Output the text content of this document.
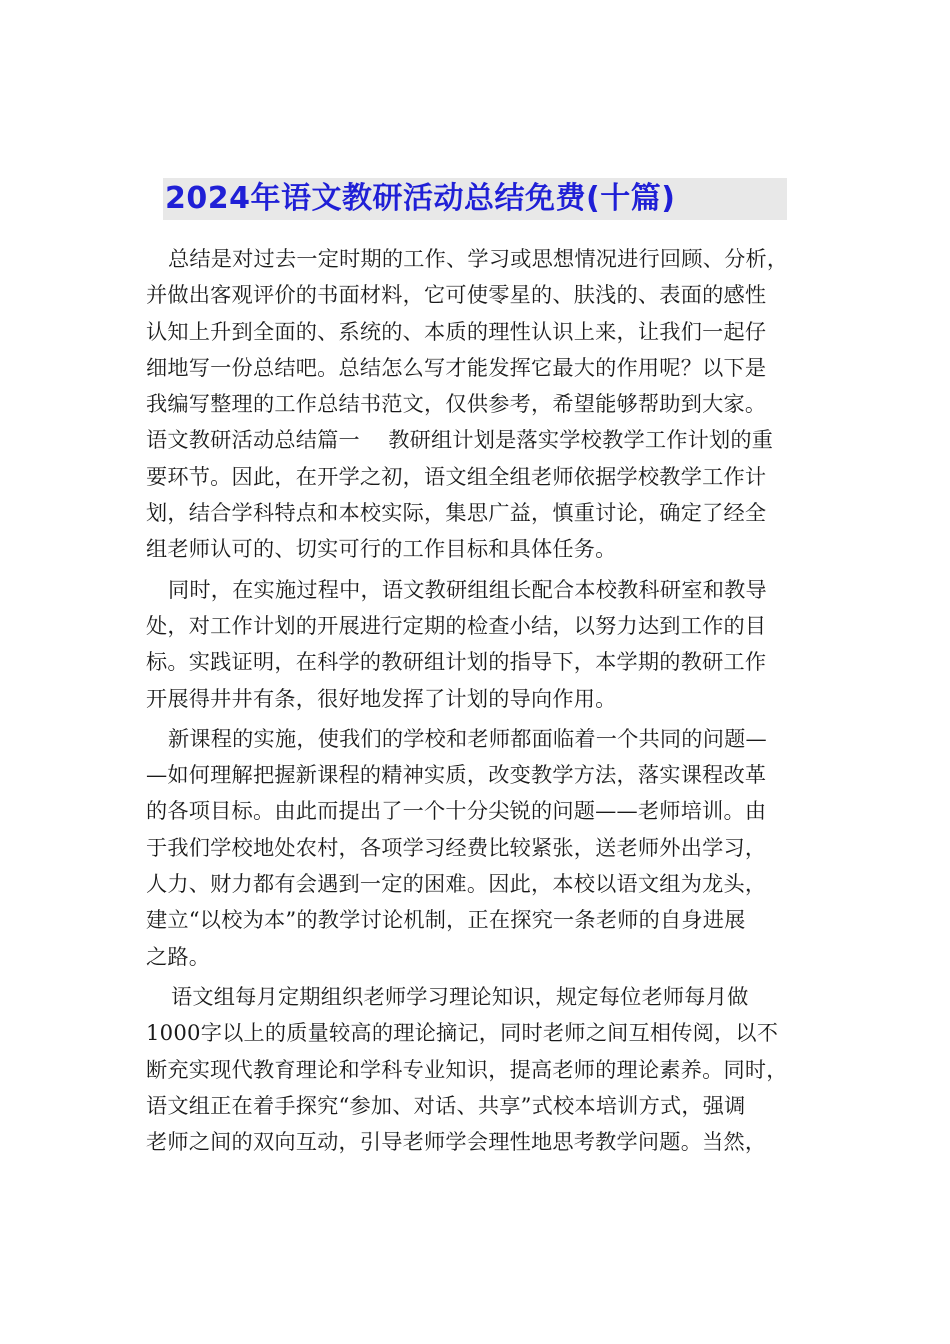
2024年语文教研活动总结免费(十篇)
总结是对过去一定时期的工作、学习或思想情况进行回顾、分析，
并做出客观评价的书面材料，它可使零星的、肤浅的、表面的感性
认知上升到全面的、系统的、本质的理性认识上来，让我们一起仔
细地写一份总结吧。总结怎么写才能发挥它最大的作用呢？以下是
我编写整理的工作总结书范文，仅供参考，希望能够帮助到大家。
语文教研活动总结篇一　 教研组计划是落实学校教学工作计划的重
要环节。因此，在开学之初，语文组全组老师依据学校教学工作计
划，结合学科特点和本校实际，集思广益，慎重讨论，确定了经全
组老师认可的、切实可行的工作目标和具体任务。
同时，在实施过程中，语文教研组组长配合本校教科研室和教导
处，对工作计划的开展进行定期的检查小结，以努力达到工作的目
标。实践证明，在科学的教研组计划的指导下，本学期的教研工作
开展得井井有条，很好地发挥了计划的导向作用。
新课程的实施，使我们的学校和老师都面临着一个共同的问题—
—如何理解把握新课程的精神实质，改变教学方法，落实课程改革
的各项目标。由此而提出了一个十分尖锐的问题——老师培训。由
于我们学校地处农村，各项学习经费比较紧张，送老师外出学习，
人力、财力都有会遇到一定的困难。因此，本校以语文组为龙头，
建立“以校为本”的教学讨论机制，正在探究一条老师的自身进展
之路。
语文组每月定期组织老师学习理论知识，规定每位老师每月做
1000字以上的质量较高的理论摘记，同时老师之间互相传阅，以不
断充实现代教育理论和学科专业知识，提高老师的理论素养。同时，
语文组正在着手探究“参加、对话、共享”式校本培训方式，强调
老师之间的双向互动，引导老师学会理性地思考教学问题。当然，
